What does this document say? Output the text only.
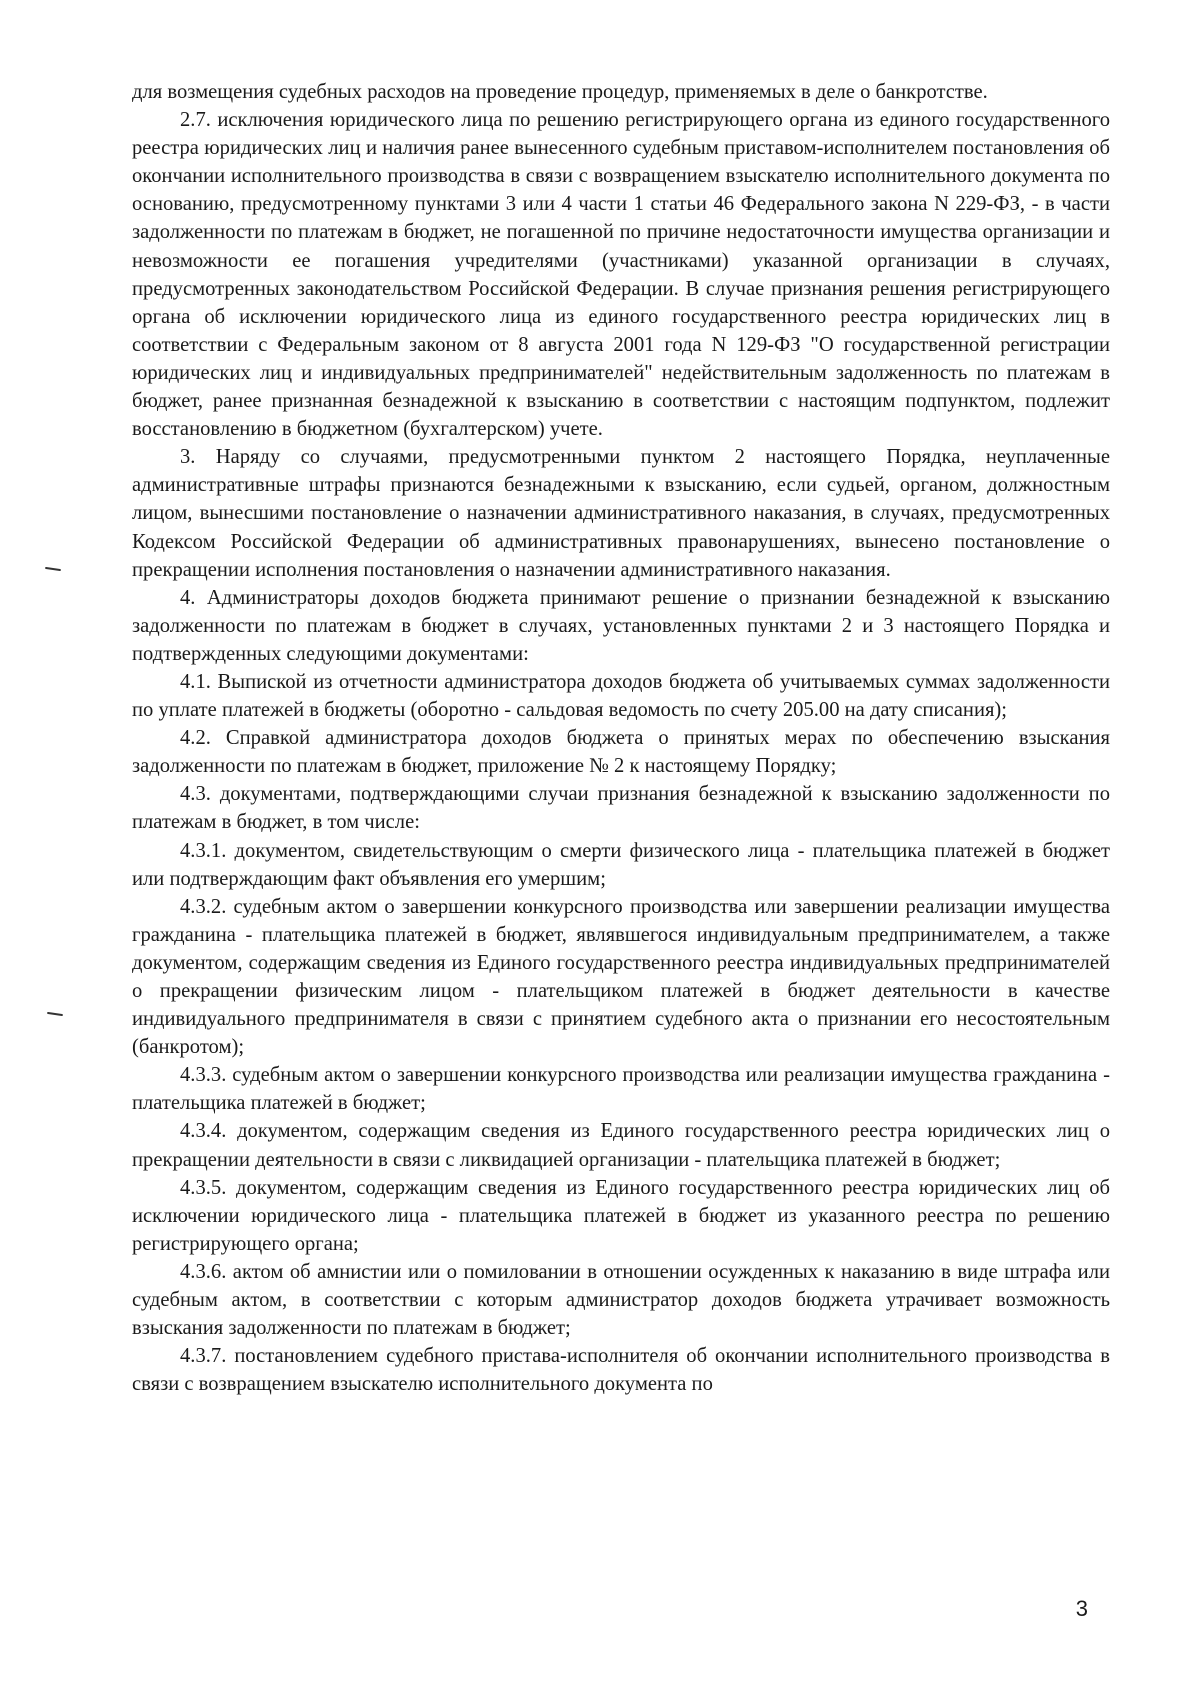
для возмещения судебных расходов на проведение процедур, применяемых в деле о банкротстве.

2.7. исключения юридического лица по решению регистрирующего органа из единого государственного реестра юридических лиц и наличия ранее вынесенного судебным приставом-исполнителем постановления об окончании исполнительного производства в связи с возвращением взыскателю исполнительного документа по основанию, предусмотренному пунктами 3 или 4 части 1 статьи 46 Федерального закона N 229-ФЗ, - в части задолженности по платежам в бюджет, не погашенной по причине недостаточности имущества организации и невозможности ее погашения учредителями (участниками) указанной организации в случаях, предусмотренных законодательством Российской Федерации. В случае признания решения регистрирующего органа об исключении юридического лица из единого государственного реестра юридических лиц в соответствии с Федеральным законом от 8 августа 2001 года N 129-ФЗ "О государственной регистрации юридических лиц и индивидуальных предпринимателей" недействительным задолженность по платежам в бюджет, ранее признанная безнадежной к взысканию в соответствии с настоящим подпунктом, подлежит восстановлению в бюджетном (бухгалтерском) учете.

3. Наряду со случаями, предусмотренными пунктом 2 настоящего Порядка, неуплаченные административные штрафы признаются безнадежными к взысканию, если судьей, органом, должностным лицом, вынесшими постановление о назначении административного наказания, в случаях, предусмотренных Кодексом Российской Федерации об административных правонарушениях, вынесено постановление о прекращении исполнения постановления о назначении административного наказания.

4. Администраторы доходов бюджета принимают решение о признании безнадежной к взысканию задолженности по платежам в бюджет в случаях, установленных пунктами 2 и 3 настоящего Порядка и подтвержденных следующими документами:

4.1. Выпиской из отчетности администратора доходов бюджета об учитываемых суммах задолженности по уплате платежей в бюджеты (оборотно - сальдовая ведомость по счету 205.00 на дату списания);

4.2. Справкой администратора доходов бюджета о принятых мерах по обеспечению взыскания задолженности по платежам в бюджет, приложение № 2 к настоящему Порядку;

4.3. документами, подтверждающими случаи признания безнадежной к взысканию задолженности по платежам в бюджет, в том числе:

4.3.1. документом, свидетельствующим о смерти физического лица - плательщика платежей в бюджет или подтверждающим факт объявления его умершим;

4.3.2. судебным актом о завершении конкурсного производства или завершении реализации имущества гражданина - плательщика платежей в бюджет, являвшегося индивидуальным предпринимателем, а также документом, содержащим сведения из Единого государственного реестра индивидуальных предпринимателей о прекращении физическим лицом - плательщиком платежей в бюджет деятельности в качестве индивидуального предпринимателя в связи с принятием судебного акта о признании его несостоятельным (банкротом);

4.3.3. судебным актом о завершении конкурсного производства или реализации имущества гражданина - плательщика платежей в бюджет;

4.3.4. документом, содержащим сведения из Единого государственного реестра юридических лиц о прекращении деятельности в связи с ликвидацией организации - плательщика платежей в бюджет;

4.3.5. документом, содержащим сведения из Единого государственного реестра юридических лиц об исключении юридического лица - плательщика платежей в бюджет из указанного реестра по решению регистрирующего органа;

4.3.6. актом об амнистии или о помиловании в отношении осужденных к наказанию в виде штрафа или судебным актом, в соответствии с которым администратор доходов бюджета утрачивает возможность взыскания задолженности по платежам в бюджет;

4.3.7. постановлением судебного пристава-исполнителя об окончании исполнительного производства в связи с возвращением взыскателю исполнительного документа по

3
